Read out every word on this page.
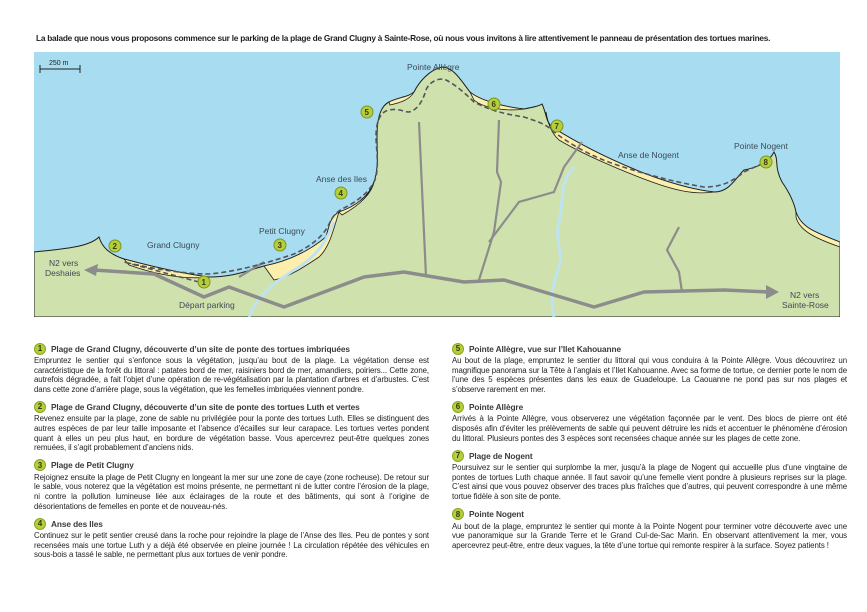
La balade que nous vous proposons commence sur le parking de la plage de Grand Clugny à Sainte-Rose, où nous vous invitons à lire attentivement le panneau de présentation des tortues marines.
250 m	Pointe Allègre
Pointe Nogent
Anse de Nogent
Anse des Iles
Petit Clugny
Grand Clugny
Départ parking
N2 vers
Deshaies
N2 vers
Sainte-Rose
1
2	3
4
5
6
7
8
1	Plage de Grand Clugny, découverte d’un site de ponte des tortues imbriquées
Empruntez le sentier qui s’enfonce sous la végétation, jusqu’au bout de la plage. La végétation dense est caractéristique de la forêt du littoral : patates bord de mer, raisiniers bord de mer, amandiers, poiriers... Cette zone, autrefois dégradée, a fait l’objet d’une opération de re-végétalisation par la plantation d’arbres et d’arbustes. C’est dans cette zone d’arrière plage, sous la végétation, que les femelles imbriquées viennent pondre.
2	Plage de Grand Clugny, découverte d’un site de ponte des tortues Luth et vertes
Revenez ensuite par la plage, zone de sable nu privilégiée pour la ponte des tortues Luth. Elles se distinguent des autres espèces de par leur taille imposante et l’absence d’écailles sur leur carapace. Les tortues vertes pondent quant à elles un peu plus haut, en bordure de végétation basse. Vous apercevrez peut-être quelques zones remuées, il s’agit probablement d’anciens nids.
3	Plage de Petit Clugny
Rejoignez ensuite la plage de Petit Clugny en longeant la mer sur une zone de caye (zone rocheuse). De retour sur le sable, vous noterez que la végétation est moins présente, ne permettant ni de lutter contre l’érosion de la plage, ni contre la pollution lumineuse liée aux éclairages de la route et des bâtiments, qui sont à l’origine de désorientations de femelles en ponte et de nouveau-nés.
4	Anse des Iles
Continuez sur le petit sentier creusé dans la roche pour rejoindre la plage de l’Anse des Iles. Peu de pontes y sont recensées mais une tortue Luth y a déjà été observée en pleine journée ! La circulation répétée des véhicules en sous-bois a tassé le sable, ne permettant plus aux tortues de venir pondre.
5	Pointe Allègre, vue sur l’Ilet Kahouanne
Au bout de la plage, empruntez le sentier du littoral qui vous conduira à la Pointe Allègre. Vous découvrirez un magnifique panorama sur la Tête à l’anglais et l’Ilet Kahouanne. Avec sa forme de tortue, ce dernier porte le nom de l’une des 5 espèces présentes dans les eaux de Guadeloupe. La Caouanne ne pond pas sur nos plages et s’observe rarement en mer.
6	Pointe Allègre
Arrivés à la Pointe Allègre, vous observerez une végétation façonnée par le vent. Des blocs de pierre ont été disposés afin d’éviter les prélèvements de sable qui peuvent détruire les nids et accentuer le phénomène d’érosion du littoral. Plusieurs pontes des 3 espèces sont recensées chaque année sur les plages de cette zone.
7	Plage de Nogent
Poursuivez sur le sentier qui surplombe la mer, jusqu’à la plage de Nogent qui accueille plus d’une vingtaine de pontes de tortues Luth chaque année. Il faut savoir qu’une femelle vient pondre à plusieurs reprises sur la plage. C’est ainsi que vous pouvez observer des traces plus fraîches que d’autres, qui peuvent correspondre à une même tortue fidèle à son site de ponte.
8	Pointe Nogent
Au bout de la plage, empruntez le sentier qui monte à la Pointe Nogent pour terminer votre découverte avec une vue panoramique sur la Grande Terre et le Grand Cul-de-Sac Marin. En observant attentivement la mer, vous apercevrez peut-être, entre deux vagues, la tête d’une tortue qui remonte respirer à la surface. Soyez patients !
